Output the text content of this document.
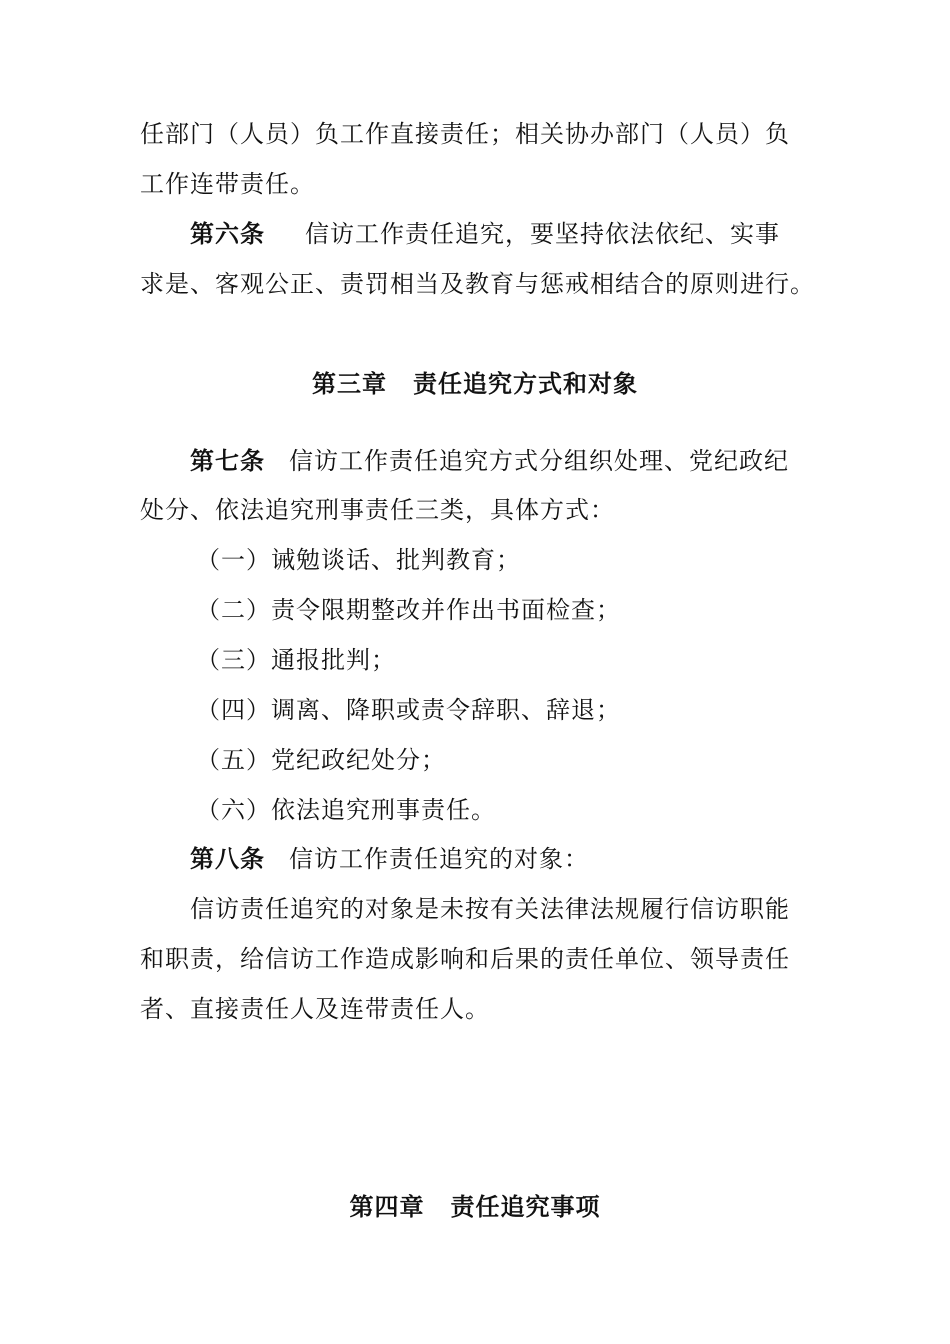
任部门（人员）负工作直接责任；相关协办部门（人员）负
工作连带责任。
第六条 信访工作责任追究，要坚持依法依纪、实事
求是、客观公正、责罚相当及教育与惩戒相结合的原则进行。
第三章 责任追究方式和对象
第七条 信访工作责任追究方式分组织处理、党纪政纪
处分、依法追究刑事责任三类，具体方式：
（一）诫勉谈话、批判教育；
（二）责令限期整改并作出书面检查；
（三）通报批判；
（四）调离、降职或责令辞职、辞退；
（五）党纪政纪处分；
（六）依法追究刑事责任。
第八条 信访工作责任追究的对象：
信访责任追究的对象是未按有关法律法规履行信访职能
和职责，给信访工作造成影响和后果的责任单位、领导责任
者、直接责任人及连带责任人。
第四章 责任追究事项
